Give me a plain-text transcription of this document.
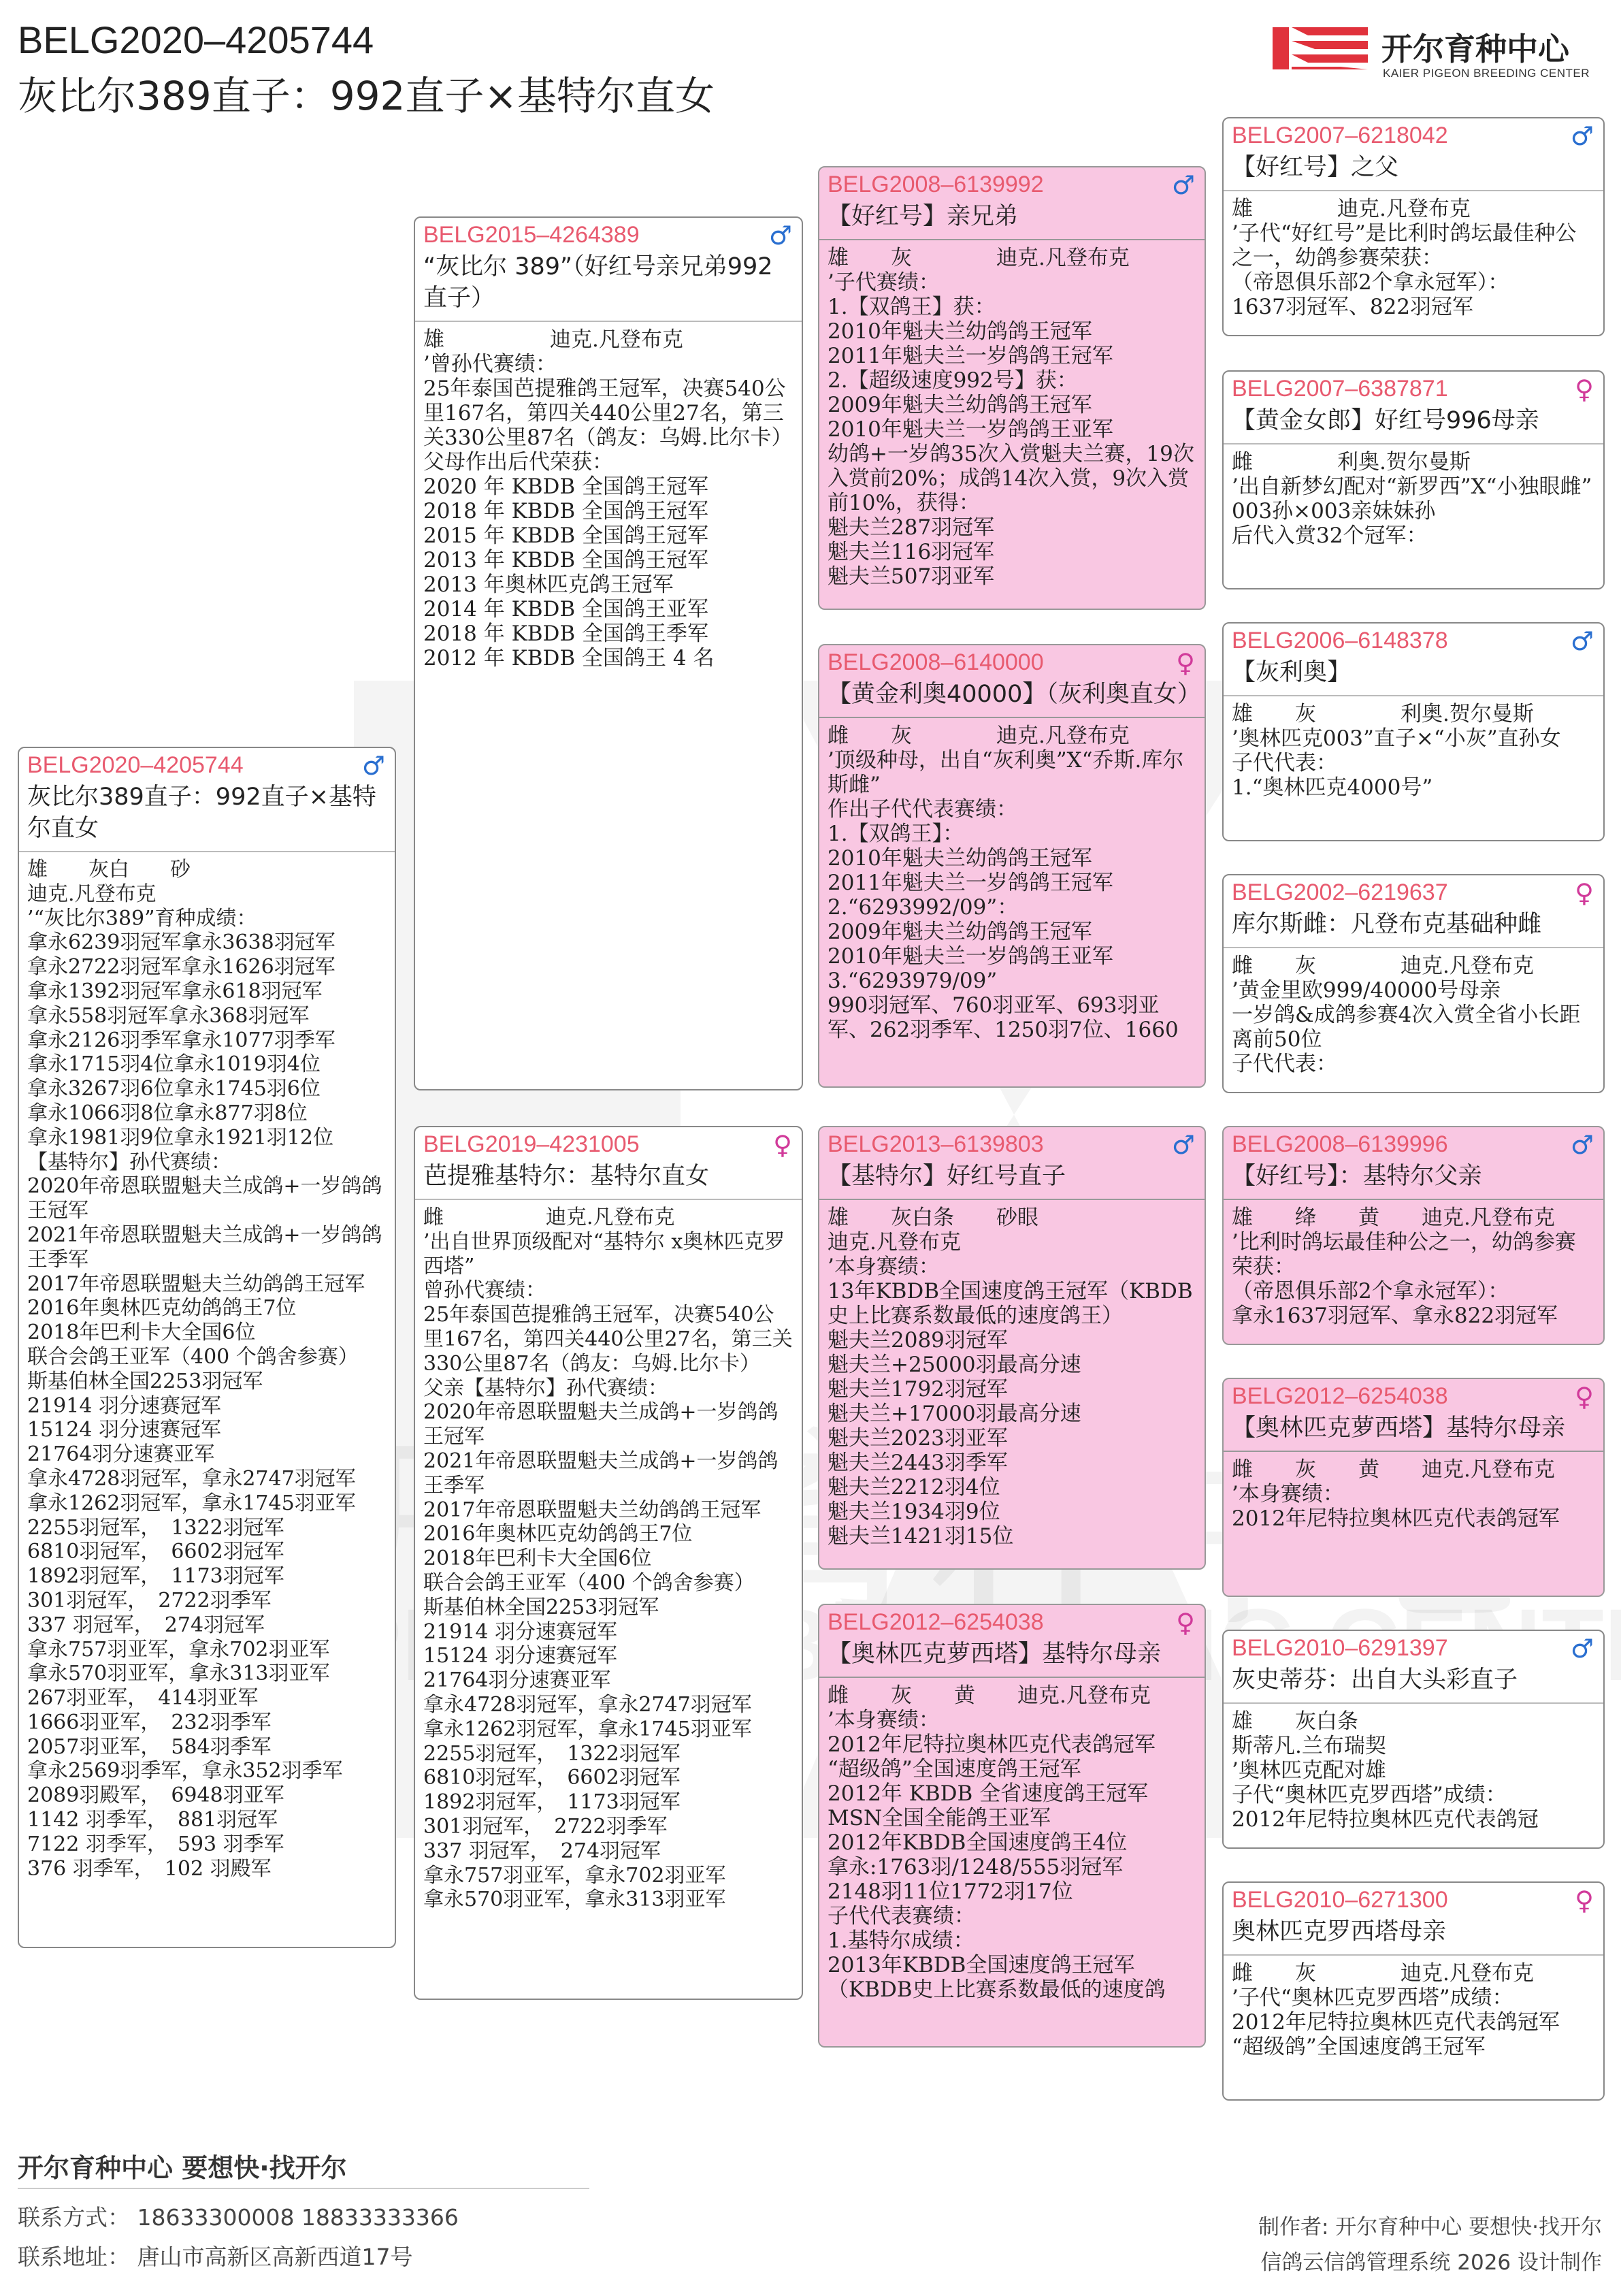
BELG2020–4205744
灰比尔389直子：992直子×基特尔直女
开尔育种中心
KAIER PIGEON BREEDING CENTER
BELG2020–4205744	♂
灰比尔389直子：992直子×基特尔直女
雄　　灰白　　砂
迪克.凡登布克
’“灰比尔389”育种成绩：
拿永6239羽冠军拿永3638羽冠军
拿永2722羽冠军拿永1626羽冠军
拿永1392羽冠军拿永618羽冠军
拿永558羽冠军拿永368羽冠军
拿永2126羽季军拿永1077羽季军
拿永1715羽4位拿永1019羽4位
拿永3267羽6位拿永1745羽6位
拿永1066羽8位拿永877羽8位
拿永1981羽9位拿永1921羽12位
【基特尔】孙代赛绩：
2020年帝恩联盟魁夫兰成鸽+一岁鸽鸽王冠军
2021年帝恩联盟魁夫兰成鸽+一岁鸽鸽王季军
2017年帝恩联盟魁夫兰幼鸽鸽王冠军
2016年奥林匹克幼鸽鸽王7位
2018年巴利卡大全国6位
联合会鸽王亚军（400 个鸽舍参赛）
斯基伯林全国2253羽冠军
21914 羽分速赛冠军
15124 羽分速赛冠军
21764羽分速赛亚军
拿永4728羽冠军，拿永2747羽冠军
拿永1262羽冠军，拿永1745羽亚军
2255羽冠军，　1322羽冠军
6810羽冠军，　6602羽冠军
1892羽冠军，　1173羽冠军
301羽冠军，　2722羽季军
337 羽冠军，　274羽冠军
拿永757羽亚军，拿永702羽亚军
拿永570羽亚军，拿永313羽亚军
267羽亚军，　414羽亚军
1666羽亚军，　232羽季军
2057羽亚军，　584羽季军
拿永2569羽季军，拿永352羽季军
2089羽殿军，　6948羽亚军
1142 羽季军，　881羽冠军
7122 羽季军，　593 羽季军
376 羽季军，　102 羽殿军
BELG2015–4264389	♂
“灰比尔 389”（好红号亲兄弟992直子）
雄　　　　　迪克.凡登布克
’曾孙代赛绩：
25年泰国芭提雅鸽王冠军，决赛540公里167名，第四关440公里27名，第三关330公里87名（鸽友：乌姆.比尔卡）
父母作出后代荣获：
2020 年 KBDB 全国鸽王冠军
2018 年 KBDB 全国鸽王冠军
2015 年 KBDB 全国鸽王冠军
2013 年 KBDB 全国鸽王冠军
2013 年奥林匹克鸽王冠军
2014 年 KBDB 全国鸽王亚军
2018 年 KBDB 全国鸽王季军
2012 年 KBDB 全国鸽王 4 名
BELG2019–4231005	♀
芭提雅基特尔：基特尔直女
雌　　　　　迪克.凡登布克
’出自世界顶级配对“基特尔 x奥林匹克罗西塔”
曾孙代赛绩：
25年泰国芭提雅鸽王冠军，决赛540公里167名，第四关440公里27名，第三关330公里87名（鸽友：乌姆.比尔卡）
父亲【基特尔】孙代赛绩：
2020年帝恩联盟魁夫兰成鸽+一岁鸽鸽王冠军
2021年帝恩联盟魁夫兰成鸽+一岁鸽鸽王季军
2017年帝恩联盟魁夫兰幼鸽鸽王冠军
2016年奥林匹克幼鸽鸽王7位
2018年巴利卡大全国6位
联合会鸽王亚军（400 个鸽舍参赛）
斯基伯林全国2253羽冠军
21914 羽分速赛冠军
15124 羽分速赛冠军
21764羽分速赛亚军
拿永4728羽冠军，拿永2747羽冠军
拿永1262羽冠军，拿永1745羽亚军
2255羽冠军，　1322羽冠军
6810羽冠军，　6602羽冠军
1892羽冠军，　1173羽冠军
301羽冠军，　2722羽季军
337 羽冠军，　274羽冠军
拿永757羽亚军，拿永702羽亚军
拿永570羽亚军，拿永313羽亚军
BELG2008–6139992	♂
【好红号】亲兄弟
雄　　灰　　　　迪克.凡登布克
’子代赛绩：
1.【双鸽王】获：
2010年魁夫兰幼鸽鸽王冠军
2011年魁夫兰一岁鸽鸽王冠军
2.【超级速度992号】获：
2009年魁夫兰幼鸽鸽王冠军
2010年魁夫兰一岁鸽鸽王亚军
幼鸽+一岁鸽35次入赏魁夫兰赛，19次入赏前20%；成鸽14次入赏，9次入赏前10%，获得：
魁夫兰287羽冠军
魁夫兰116羽冠军
魁夫兰507羽亚军
BELG2008–6140000	♀
【黄金利奥40000】（灰利奥直女）
雌　　灰　　　　迪克.凡登布克
’顶级种母，出自“灰利奥”X“乔斯.库尔斯雌”
作出子代代表赛绩：
1.【双鸽王】：
2010年魁夫兰幼鸽鸽王冠军
2011年魁夫兰一岁鸽鸽王冠军
2.“6293992/09”：
2009年魁夫兰幼鸽鸽王冠军
2010年魁夫兰一岁鸽鸽王亚军
3.“6293979/09”
990羽冠军、760羽亚军、693羽亚军、262羽季军、1250羽7位、1660
BELG2013–6139803	♂
【基特尔】好红号直子
雄　　灰白条　　砂眼
迪克.凡登布克
’本身赛绩：
13年KBDB全国速度鸽王冠军（KBDB史上比赛系数最低的速度鸽王）
魁夫兰2089羽冠军
魁夫兰+25000羽最高分速
魁夫兰1792羽冠军
魁夫兰+17000羽最高分速
魁夫兰2023羽亚军
魁夫兰2443羽季军
魁夫兰2212羽4位
魁夫兰1934羽9位
魁夫兰1421羽15位
BELG2012–6254038	♀
【奥林匹克萝西塔】基特尔母亲
雌　　灰　　黄　　迪克.凡登布克
’本身赛绩：
2012年尼特拉奥林匹克代表鸽冠军
“超级鸽”全国速度鸽王冠军
2012年 KBDB 全省速度鸽王冠军
MSN全国全能鸽王亚军
2012年KBDB全国速度鸽王4位
拿永:1763羽/1248/555羽冠军
2148羽11位1772羽17位
子代代表赛绩：
1.基特尔成绩：
2013年KBDB全国速度鸽王冠军
（KBDB史上比赛系数最低的速度鸽
BELG2007–6218042	♂
【好红号】之父
雄　　　　迪克.凡登布克
’子代“好红号”是比利时鸽坛最佳种公之一，幼鸽参赛荣获：
（帝恩俱乐部2个拿永冠军）：
1637羽冠军、822羽冠军
BELG2007–6387871	♀
【黄金女郎】好红号996母亲
雌　　　　利奥.贺尔曼斯
’出自新梦幻配对“新罗西”X“小独眼雌”
003孙×003亲妹妹孙
后代入赏32个冠军：
BELG2006–6148378	♂
【灰利奥】
雄　　灰　　　　利奥.贺尔曼斯
’奥林匹克003”直子×“小灰”直孙女
子代代表：
1.“奥林匹克4000号”
BELG2002–6219637	♀
库尔斯雌：凡登布克基础种雌
雌　　灰　　　　迪克.凡登布克
’黄金里欧999/40000号母亲
一岁鸽&成鸽参赛4次入赏全省小长距离前50位
子代代表：
BELG2008–6139996	♂
【好红号】：基特尔父亲
雄　　绛　　黄　　迪克.凡登布克
’比利时鸽坛最佳种公之一，幼鸽参赛荣获：
（帝恩俱乐部2个拿永冠军）：
拿永1637羽冠军、拿永822羽冠军
BELG2012–6254038	♀
【奥林匹克萝西塔】基特尔母亲
雌　　灰　　黄　　迪克.凡登布克
’本身赛绩：
2012年尼特拉奥林匹克代表鸽冠军
BELG2010–6291397	♂
灰史蒂芬：出自大头彩直子
雄　　灰白条
斯蒂凡.兰布瑞契
’奥林匹克配对雄
子代“奥林匹克罗西塔”成绩：
2012年尼特拉奥林匹克代表鸽冠
BELG2010–6271300	♀
奥林匹克罗西塔母亲
雌　　灰　　　　迪克.凡登布克
’子代“奥林匹克罗西塔”成绩：
2012年尼特拉奥林匹克代表鸽冠军
“超级鸽”全国速度鸽王冠军
开尔育种中心 要想快·找开尔
联系方式： 18633300008 18833333366
联系地址： 唐山市高新区高新西道17号
制作者: 开尔育种中心 要想快·找开尔
信鸽云信鸽管理系统 2026 设计制作
